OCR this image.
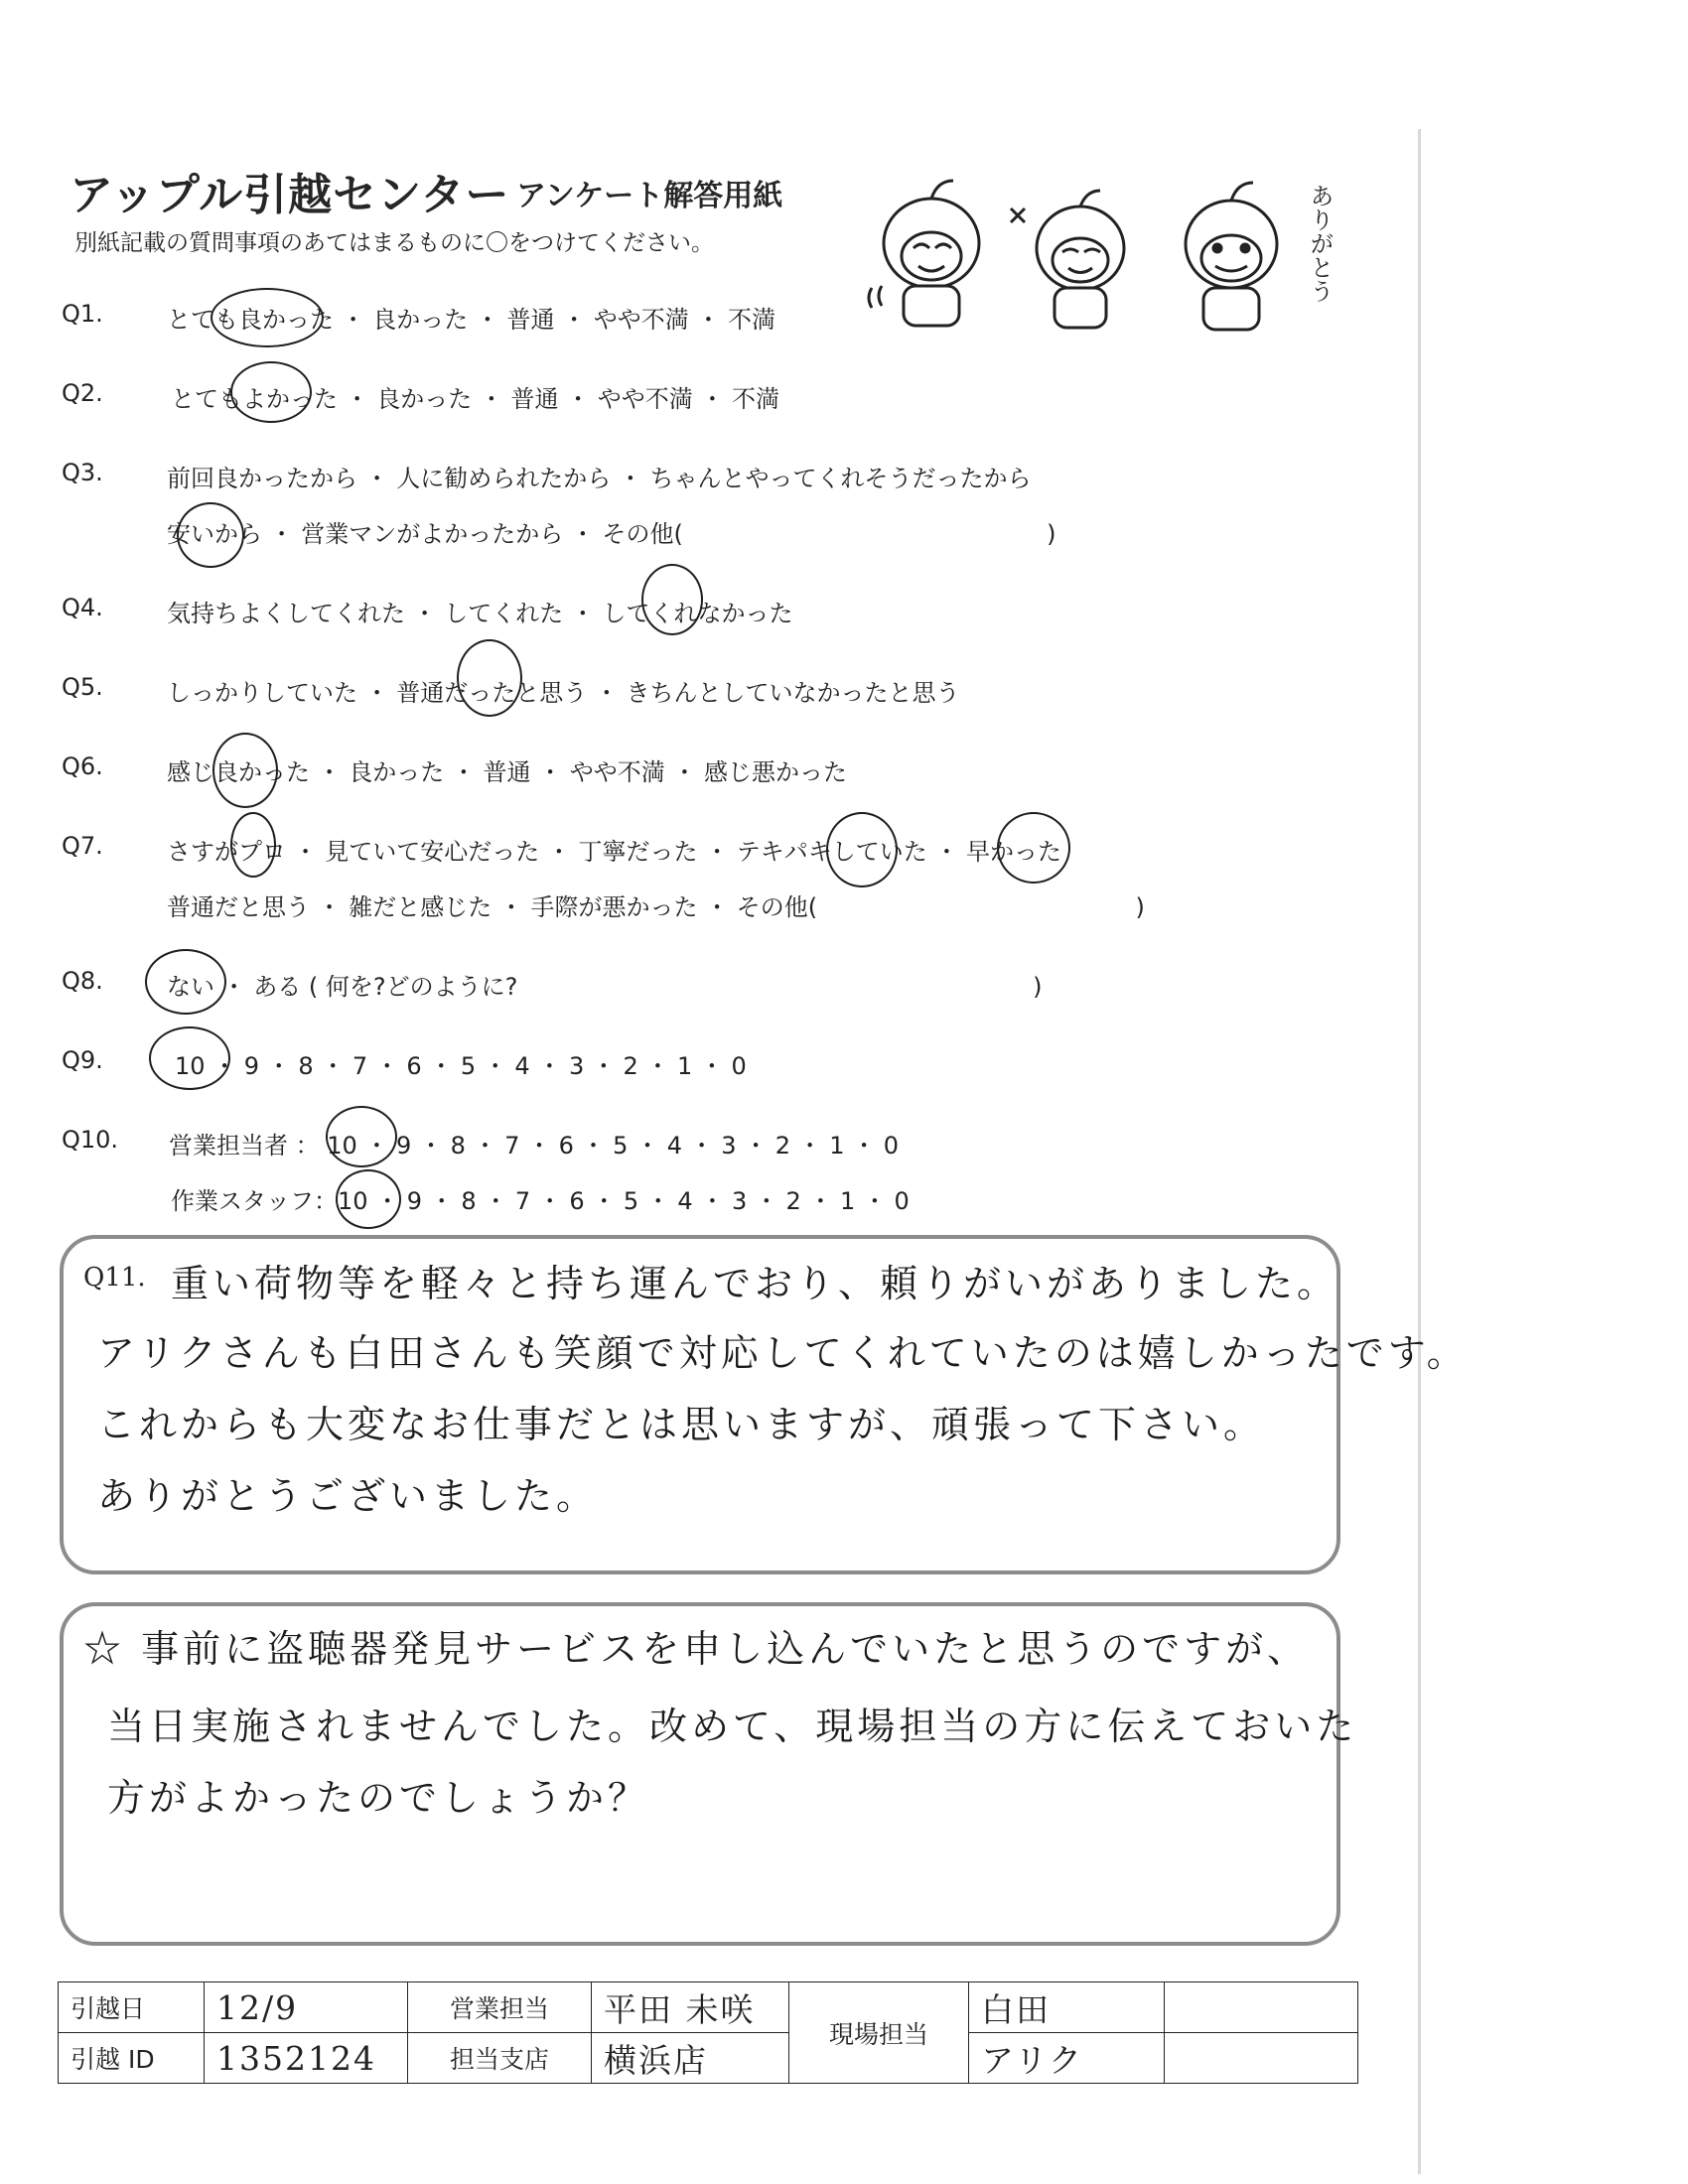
アップル引越センター アンケート解答用紙
別紙記載の質問事項のあてはまるものに〇をつけてください。	ありがとう
Q1.	とても良かった ・ 良かった ・ 普通 ・ やや不満 ・ 不満
Q2.	とてもよかった ・ 良かった ・ 普通 ・ やや不満 ・ 不満
Q3.	前回良かったから ・ 人に勧められたから ・ ちゃんとやってくれそうだったから
安いから ・ 営業マンがよかったから ・ その他(                                                )
Q4.	気持ちよくしてくれた ・ してくれた ・ してくれなかった
Q5.	しっかりしていた ・ 普通だったと思う ・ きちんとしていなかったと思う
Q6.	感じ良かった ・ 良かった ・ 普通 ・ やや不満 ・ 感じ悪かった
Q7.	さすがプロ ・ 見ていて安心だった ・ 丁寧だった ・ テキパキしていた ・ 早かった
普通だと思う ・ 雑だと感じた ・ 手際が悪かった ・ その他(                                          )
Q8.	ない ・ ある ( 何を?どのように?                                                                    )
Q9.	10 ・ 9 ・ 8 ・ 7 ・ 6 ・ 5 ・ 4 ・ 3 ・ 2 ・ 1 ・ 0
Q10. 営業担当者 ： 10 ・ 9 ・ 8 ・ 7 ・ 6 ・ 5 ・ 4 ・ 3 ・ 2 ・ 1 ・ 0
作業スタッフ：10 ・ 9 ・ 8 ・ 7 ・ 6 ・ 5 ・ 4 ・ 3 ・ 2 ・ 1 ・ 0
Q11. 重い荷物等を軽々と持ち運んでおり、頼りがいがありました。
アリクさんも白田さんも笑顔で対応してくれていたのは嬉しかったです。
これからも大変なお仕事だとは思いますが、頑張って下さい。
ありがとうございました。
☆ 事前に盗聴器発見サービスを申し込んでいたと思うのですが、
当日実施されませんでした。改めて、現場担当の方に伝えておいた
方がよかったのでしょうか？
引越日	12/9	営業担当	平田 未咲	現場担当	白田	
引越 ID	1352124	担当支店	横浜店		アリク	
